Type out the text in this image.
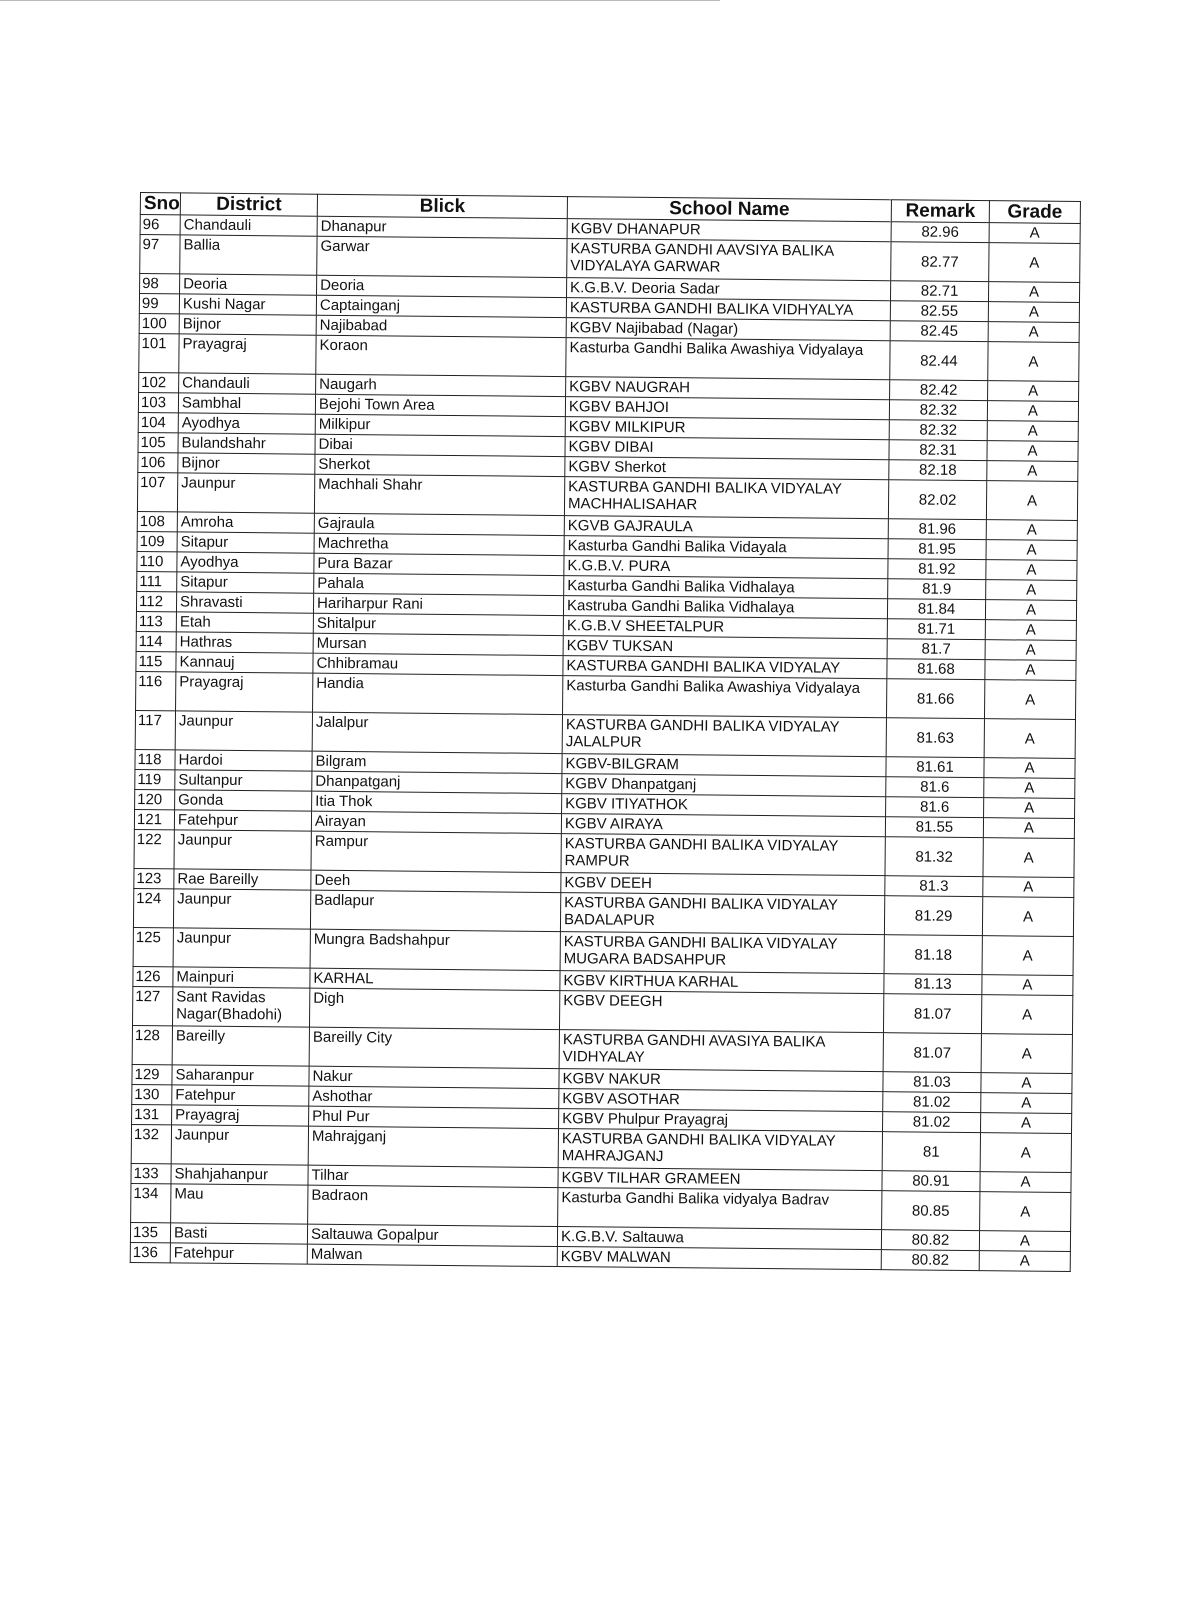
Sno	District	Blick	School Name	Remark	Grade
96	Chandauli	Dhanapur	KGBV DHANAPUR	82.96	A
97	Ballia	Garwar	KASTURBA GANDHI AAVSIYA BALIKA VIDYALAYA GARWAR	82.77	A
98	Deoria	Deoria	K.G.B.V. Deoria Sadar	82.71	A
99	Kushi Nagar	Captainganj	KASTURBA GANDHI BALIKA VIDHYALYA	82.55	A
100	Bijnor	Najibabad	KGBV Najibabad (Nagar)	82.45	A
101	Prayagraj	Koraon	Kasturba Gandhi Balika Awashiya Vidyalaya	82.44	A
102	Chandauli	Naugarh	KGBV NAUGRAH	82.42	A
103	Sambhal	Bejohi Town Area	KGBV BAHJOI	82.32	A
104	Ayodhya	Milkipur	KGBV MILKIPUR	82.32	A
105	Bulandshahr	Dibai	KGBV DIBAI	82.31	A
106	Bijnor	Sherkot	KGBV Sherkot	82.18	A
107	Jaunpur	Machhali Shahr	KASTURBA GANDHI BALIKA VIDYALAY MACHHALISAHAR	82.02	A
108	Amroha	Gajraula	KGVB GAJRAULA	81.96	A
109	Sitapur	Machretha	Kasturba Gandhi Balika Vidayala	81.95	A
110	Ayodhya	Pura Bazar	K.G.B.V. PURA	81.92	A
111	Sitapur	Pahala	Kasturba Gandhi Balika Vidhalaya	81.9	A
112	Shravasti	Hariharpur Rani	Kastruba Gandhi Balika Vidhalaya	81.84	A
113	Etah	Shitalpur	K.G.B.V SHEETALPUR	81.71	A
114	Hathras	Mursan	KGBV TUKSAN	81.7	A
115	Kannauj	Chhibramau	KASTURBA GANDHI BALIKA VIDYALAY	81.68	A
116	Prayagraj	Handia	Kasturba Gandhi Balika Awashiya Vidyalaya	81.66	A
117	Jaunpur	Jalalpur	KASTURBA GANDHI BALIKA VIDYALAY JALALPUR	81.63	A
118	Hardoi	Bilgram	KGBV-BILGRAM	81.61	A
119	Sultanpur	Dhanpatganj	KGBV Dhanpatganj	81.6	A
120	Gonda	Itia Thok	KGBV ITIYATHOK	81.6	A
121	Fatehpur	Airayan	KGBV AIRAYA	81.55	A
122	Jaunpur	Rampur	KASTURBA GANDHI BALIKA VIDYALAY RAMPUR	81.32	A
123	Rae Bareilly	Deeh	KGBV DEEH	81.3	A
124	Jaunpur	Badlapur	KASTURBA GANDHI BALIKA VIDYALAY BADALAPUR	81.29	A
125	Jaunpur	Mungra Badshahpur	KASTURBA GANDHI BALIKA VIDYALAY MUGARA BADSAHPUR	81.18	A
126	Mainpuri	KARHAL	KGBV KIRTHUA KARHAL	81.13	A
127	Sant Ravidas Nagar(Bhadohi)	Digh	KGBV DEEGH	81.07	A
128	Bareilly	Bareilly City	KASTURBA GANDHI AVASIYA BALIKA VIDHYALAY	81.07	A
129	Saharanpur	Nakur	KGBV NAKUR	81.03	A
130	Fatehpur	Ashothar	KGBV ASOTHAR	81.02	A
131	Prayagraj	Phul Pur	KGBV Phulpur Prayagraj	81.02	A
132	Jaunpur	Mahrajganj	KASTURBA GANDHI BALIKA VIDYALAY MAHRAJGANJ	81	A
133	Shahjahanpur	Tilhar	KGBV TILHAR GRAMEEN	80.91	A
134	Mau	Badraon	Kasturba Gandhi Balika vidyalya Badrav	80.85	A
135	Basti	Saltauwa Gopalpur	K.G.B.V. Saltauwa	80.82	A
136	Fatehpur	Malwan	KGBV MALWAN	80.82	A
